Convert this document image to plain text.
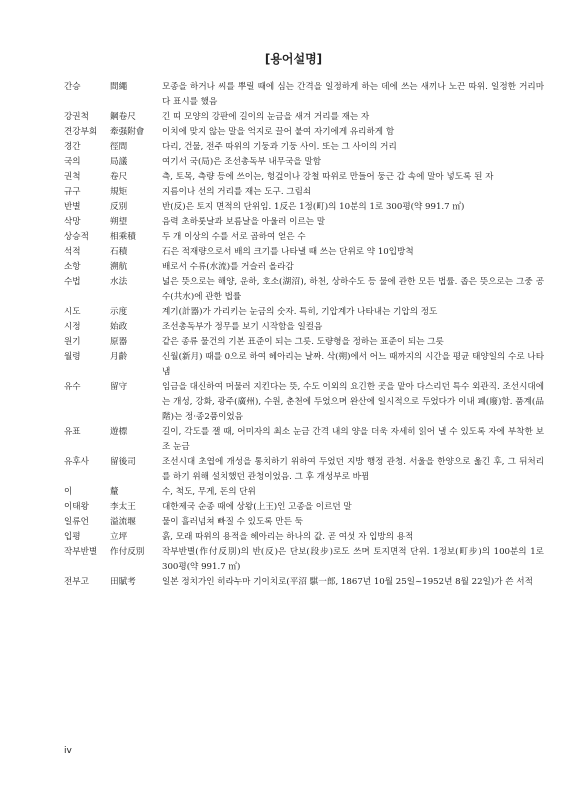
[용어설명]
간승	間繩	모종을 하거나 씨를 뿌릴 때에 심는 간격을 일정하게 하는 데에 쓰는 새끼나 노끈 따위. 일정한 거리마다 표시를 했음
강권척	鋼卷尺	긴 띠 모양의 강판에 길이의 눈금을 새겨 거리를 재는 자
견강부회	牽强附會	이치에 맞지 않는 말을 억지로 끌어 붙여 자기에게 유리하게 함
경간	徑間	다리, 건물, 전주 따위의 기둥과 기둥 사이. 또는 그 사이의 거리
국의	局議	여기서 국(局)은 조선총독부 내무국을 말함
권척	卷尺	측, 토목, 측량 등에 쓰이는, 헝겊이나 강철 따위로 만들어 둥근 갑 속에 말아 넣도록 된 자
규구	規矩	지름이나 선의 거리를 재는 도구. 그림쇠
반별	反別	반(反)은 토지 면적의 단위임. 1反은 1정(町)의 10분의 1로 300평(약 991.7 ㎡)
삭망	朔望	음력 초하룻날과 보름날을 아울러 이르는 말
상승적	相乘積	두 개 이상의 수를 서로 곱하여 얻은 수
석적	石積	石은 적재량으로서 배의 크기를 나타낼 때 쓰는 단위로 약 10입방척
소항	溯航	배로서 수류(水流)를 거슬러 올라감
수법	水法	넓은 뜻으로는 해양, 운하, 호소(湖沼), 하천, 상하수도 등 물에 관한 모든 법률. 좁은 뜻으로는 그중 공수(共水)에 관한 법률
시도	示度	계기(計器)가 가리키는 눈금의 숫자. 특히, 기압계가 나타내는 기압의 정도
시정	始政	조선총독부가 정무를 보기 시작함을 일컬음
원기	原器	같은 종류 물건의 기본 표준이 되는 그릇. 도량형을 정하는 표준이 되는 그릇
월령	月齡	신월(新月) 때를 0으로 하여 헤아리는 날짜. 삭(朔)에서 어느 때까지의 시간을 평균 태양일의 수로 나타냄
유수	留守	임금을 대신하여 머물러 지킨다는 뜻, 수도 이외의 요긴한 곳을 맡아 다스리던 특수 외관직. 조선시대에는 개성, 강화, 광주(廣州), 수원, 춘천에 두었으며 완산에 일시적으로 두었다가 이내 폐(廢)함. 품계(品階)는 정·종2품이었음
유표	遊標	길이, 각도를 잴 때, 어미자의 최소 눈금 간격 내의 양을 더욱 자세히 읽어 낼 수 있도록 자에 부착한 보조 눈금
유후사	留後司	조선시대 초엽에 개성을 통치하기 위하여 두었던 지방 행정 관청. 서울을 한양으로 옮긴 후, 그 뒤처리를 하기 위해 설치했던 관청이었음. 그 후 개성부로 바뀜
이	釐	수, 척도, 무게, 돈의 단위
이태왕	李太王	대한제국 순종 때에 상왕(上王)인 고종을 이르던 말
일류언	溢流堰	물이 흘러넘쳐 빠질 수 있도록 만든 둑
입평	立坪	흙, 모래 따위의 용적을 헤아리는 하나의 값. 곧 여섯 자 입방의 용적
작부반별	作付反別	작부반별(作付反別)의 반(反)은 단보(段步)로도 쓰며 토지면적 단위. 1정보(町步)의 100분의 1로 300평(약 991.7 ㎡)
전부고	田賦考	일본 정치가인 히라누마 기이치로(平沼 騏一郎, 1867년 10월 25일~1952년 8월 22일)가 쓴 서적
iv
